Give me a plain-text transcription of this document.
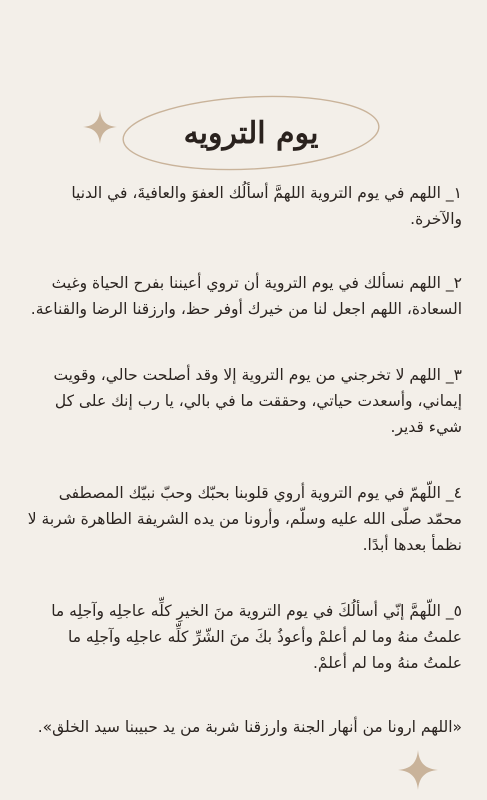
يوم الترويه

١_ اللهم في يوم التروية اللهمَّ أسألُك العفوَ والعافيةَ، في الدنيا والآخرة.

٢_ اللهم نسألك في يوم التروية أن تروي أعيننا بفرح الحياة وغيث السعادة، اللهم اجعل لنا من خيرك أوفر حظ، وارزقنا الرضا والقناعة.

٣_ اللهم لا تخرجني من يوم التروية إلا وقد أصلحت حالي، وقويت إيماني، وأسعدت حياتي، وحققت ما في بالي، يا رب إنك على كل شيء قدير.

٤_ اللّهمّ في يوم التروية أروي قلوبنا بحبّك وحبّ نبيّك المصطفى محمّد صلّى الله عليه وسلّم، وأرونا من يده الشريفة الطاهرة شربة لا نظمأ بعدها أبدًا.

٥_ اللّهمَّ إنّي أسألُكَ في يوم التروية منَ الخيرِ كلِّه عاجلِه وآجلِه ما علمتُ منهُ وما لم أعلمْ وأعوذُ بكَ منَ الشّرِّ كلِّه عاجلِه وآجلِه ما علمتُ منهُ وما لم أعلمْ.

«اللهم ارونا من أنهار الجنة وارزقنا شربة من يد حبيبنا سيد الخلق».
